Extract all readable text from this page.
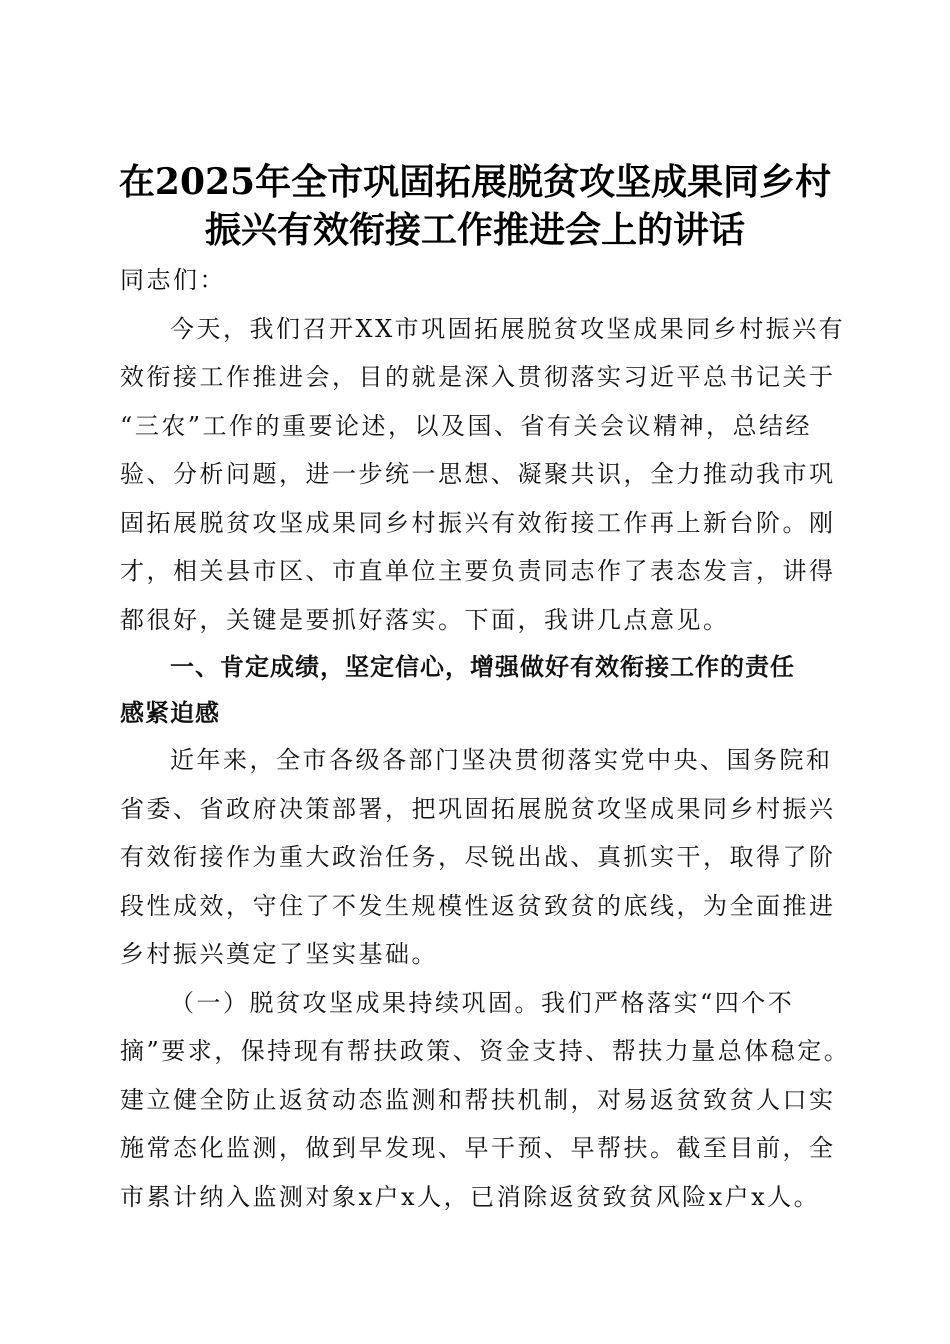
在2025年全市巩固拓展脱贫攻坚成果同乡村
振兴有效衔接工作推进会上的讲话

同志们：

今天，我们召开XX市巩固拓展脱贫攻坚成果同乡村振兴有
效衔接工作推进会，目的就是深入贯彻落实习近平总书记关于
“三农”工作的重要论述，以及国、省有关会议精神，总结经
验、分析问题，进一步统一思想、凝聚共识，全力推动我市巩
固拓展脱贫攻坚成果同乡村振兴有效衔接工作再上新台阶。刚
才，相关县市区、市直单位主要负责同志作了表态发言，讲得
都很好，关键是要抓好落实。下面，我讲几点意见。

一、肯定成绩，坚定信心，增强做好有效衔接工作的责任
感紧迫感

近年来，全市各级各部门坚决贯彻落实党中央、国务院和
省委、省政府决策部署，把巩固拓展脱贫攻坚成果同乡村振兴
有效衔接作为重大政治任务，尽锐出战、真抓实干，取得了阶
段性成效，守住了不发生规模性返贫致贫的底线，为全面推进
乡村振兴奠定了坚实基础。

（一）脱贫攻坚成果持续巩固。我们严格落实“四个不
摘”要求，保持现有帮扶政策、资金支持、帮扶力量总体稳定。
建立健全防止返贫动态监测和帮扶机制，对易返贫致贫人口实
施常态化监测，做到早发现、早干预、早帮扶。截至目前，全
市累计纳入监测对象x户x人，已消除返贫致贫风险x户x人。
